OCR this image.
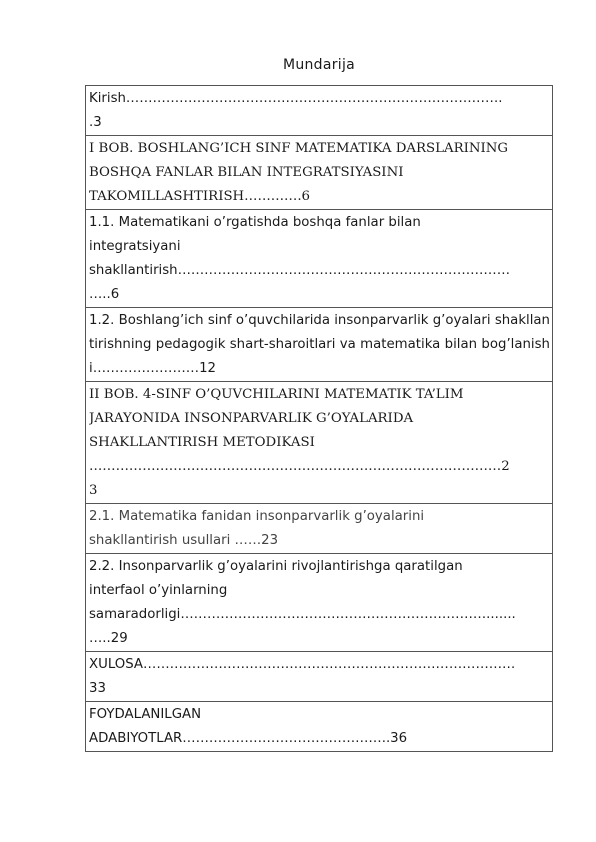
Mundarija
Kirish………………………………………………………………………….
.3

I BOB. BOSHLANG’ICH SINF MATEMATIKA DARSLARINING
BOSHQA FANLAR BILAN INTEGRATSIYASINI
TAKOMILLASHTIRISH………….6

1.1. Matematikani o’rgatishda boshqa fanlar bilan
integratsiyani
shakllantirish…………………………………………………………………
…..6

1.2. Boshlang’ich sinf o’quvchilarida insonparvarlik g’oyalari shakllantirishning pedagogik shart-sharoitlari va matematika bilan bog’lanishi……………………12

II BOB. 4-SINF O’QUVCHILARINI MATEMATIK TA’LIM
JARAYONIDA INSONPARVARLIK G’OYALARIDA
SHAKLLANTIRISH METODIKASI
…………………………………………………………………………………2
3

2.1. Matematika fanidan insonparvarlik g’oyalarini
shakllantirish usullari ……23

2.2. Insonparvarlik g’oyalarini rivojlantirishga qaratilgan
interfaol o’yinlarning
samaradorligi…………………………………………………………….......
…..29

XULOSA…………………………………………………………………………
33

FOYDALANILGAN
ADABIYOTLAR………………………………………..36
